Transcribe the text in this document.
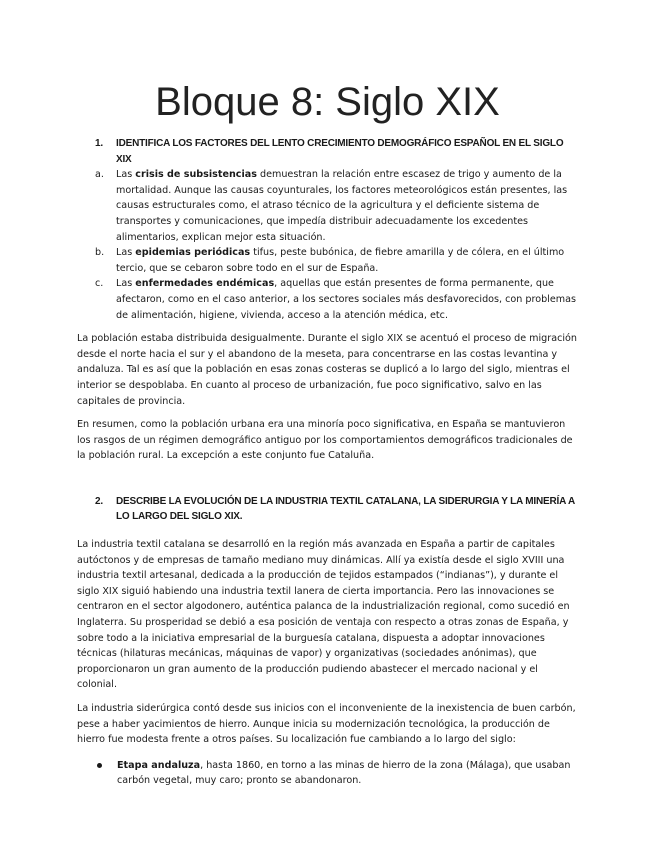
Bloque 8: Siglo XIX

1. IDENTIFICA LOS FACTORES DEL LENTO CRECIMIENTO DEMOGRÁFICO ESPAÑOL EN EL SIGLO XIX

a. Las crisis de subsistencias demuestran la relación entre escasez de trigo y aumento de la mortalidad. Aunque las causas coyunturales, los factores meteorológicos están presentes, las causas estructurales como, el atraso técnico de la agricultura y el deficiente sistema de transportes y comunicaciones, que impedía distribuir adecuadamente los excedentes alimentarios, explican mejor esta situación.

b. Las epidemias periódicas tifus, peste bubónica, de fiebre amarilla y de cólera, en el último tercio, que se cebaron sobre todo en el sur de España.

c. Las enfermedades endémicas, aquellas que están presentes de forma permanente, que afectaron, como en el caso anterior, a los sectores sociales más desfavorecidos, con problemas de alimentación, higiene, vivienda, acceso a la atención médica, etc.

La población estaba distribuida desigualmente. Durante el siglo XIX se acentuó el proceso de migración desde el norte hacia el sur y el abandono de la meseta, para concentrarse en las costas levantina y andaluza. Tal es así que la población en esas zonas costeras se duplicó a lo largo del siglo, mientras el interior se despoblaba. En cuanto al proceso de urbanización, fue poco significativo, salvo en las capitales de provincia.

En resumen, como la población urbana era una minoría poco significativa, en España se mantuvieron los rasgos de un régimen demográfico antiguo por los comportamientos demográficos tradicionales de la población rural. La excepción a este conjunto fue Cataluña.

2. DESCRIBE LA EVOLUCIÓN DE LA INDUSTRIA TEXTIL CATALANA, LA SIDERURGIA Y LA MINERÍA A LO LARGO DEL SIGLO XIX.

La industria textil catalana se desarrolló en la región más avanzada en España a partir de capitales autóctonos y de empresas de tamaño mediano muy dinámicas. Allí ya existía desde el siglo XVIII una industria textil artesanal, dedicada a la producción de tejidos estampados (“indianas”), y durante el siglo XIX siguió habiendo una industria textil lanera de cierta importancia. Pero las innovaciones se centraron en el sector algodonero, auténtica palanca de la industrialización regional, como sucedió en Inglaterra. Su prosperidad se debió a esa posición de ventaja con respecto a otras zonas de España, y sobre todo a la iniciativa empresarial de la burguesía catalana, dispuesta a adoptar innovaciones técnicas (hilaturas mecánicas, máquinas de vapor) y organizativas (sociedades anónimas), que proporcionaron un gran aumento de la producción pudiendo abastecer el mercado nacional y el colonial.

La industria siderúrgica contó desde sus inicios con el inconveniente de la inexistencia de buen carbón, pese a haber yacimientos de hierro. Aunque inicia su modernización tecnológica, la producción de hierro fue modesta frente a otros países. Su localización fue cambiando a lo largo del siglo:

Etapa andaluza, hasta 1860, en torno a las minas de hierro de la zona (Málaga), que usaban carbón vegetal, muy caro; pronto se abandonaron.
